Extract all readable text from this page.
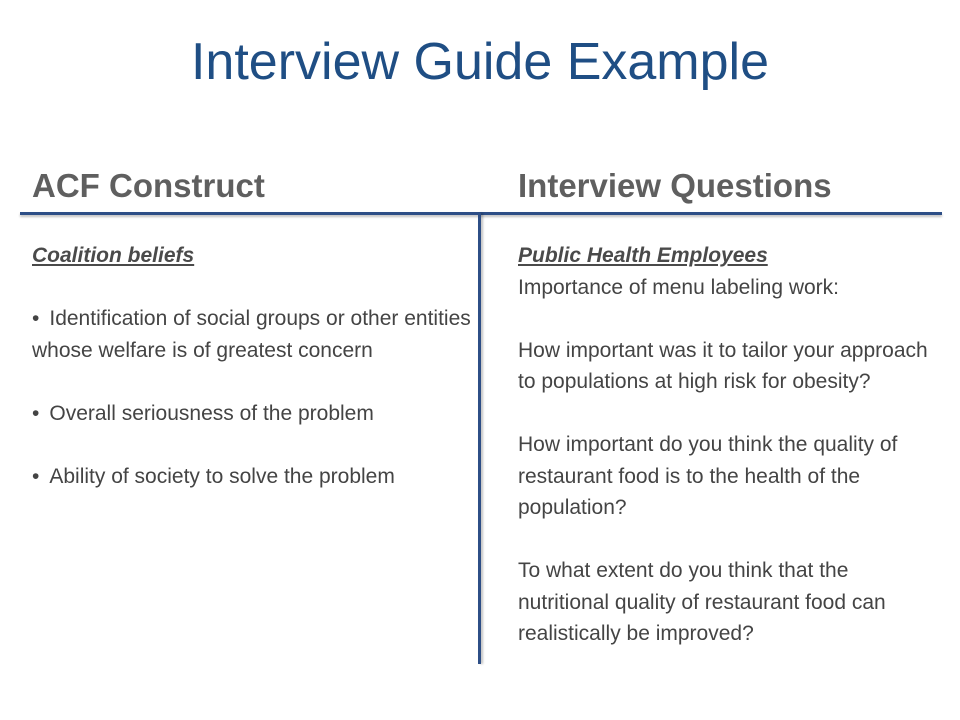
Interview Guide Example
ACF Construct	Interview Questions
Coalition beliefs
• Identification of social groups or other entities whose welfare is of greatest concern
• Overall seriousness of the problem
• Ability of society to solve the problem
Public Health Employees
Importance of menu labeling work:
How important was it to tailor your approach to populations at high risk for obesity?
How important do you think the quality of restaurant food is to the health of the population?
To what extent do you think that the nutritional quality of restaurant food can realistically be improved?
